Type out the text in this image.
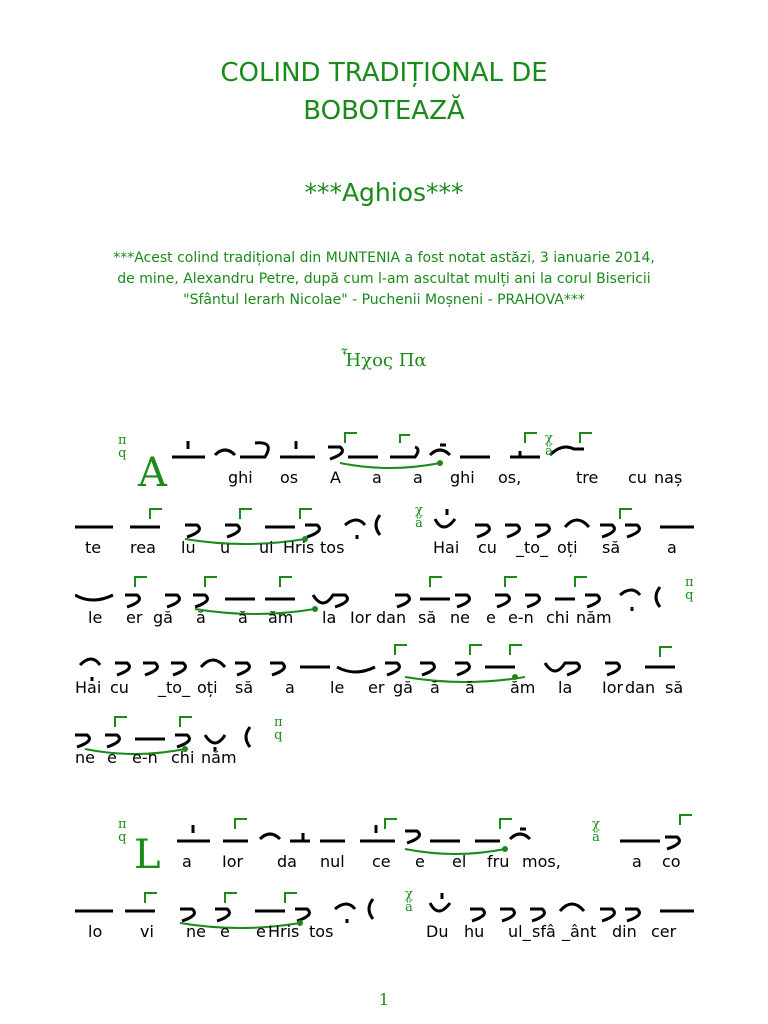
COLIND TRADIȚIONAL DE
BOBOTEAZĂ
***Aghios***
***Acest colind tradițional din MUNTENIA a fost notat astăzi, 3 ianuarie 2014,
de mine, Alexandru Petre, după cum l-am ascultat mulți ani la corul Bisericii
"Sfântul Ierarh Nicolae" - Puchenii Moșneni - PRAHOVA***
Ἦχος Πα
π
q A
χ
ä
ghi os A a a ghi os,	tre cu naș
χ
ä
te rea lu u ui Hris tos	Hai cu _to_ oți să	a
π
q
le er gă ă ă ăm la Ior dan să ne e e-n chi năm
Hai cu _to_ oți să a le er gă ă ă ăm la Ior dan să
π
q
ne e e-n chi năm
π
q L
χ
ä
a Ior da nul ce e el fru mos,	a co
χ
ä
lo vi ne e e Hris tos	Du hu ul_ sfâ _ânt din cer
1
